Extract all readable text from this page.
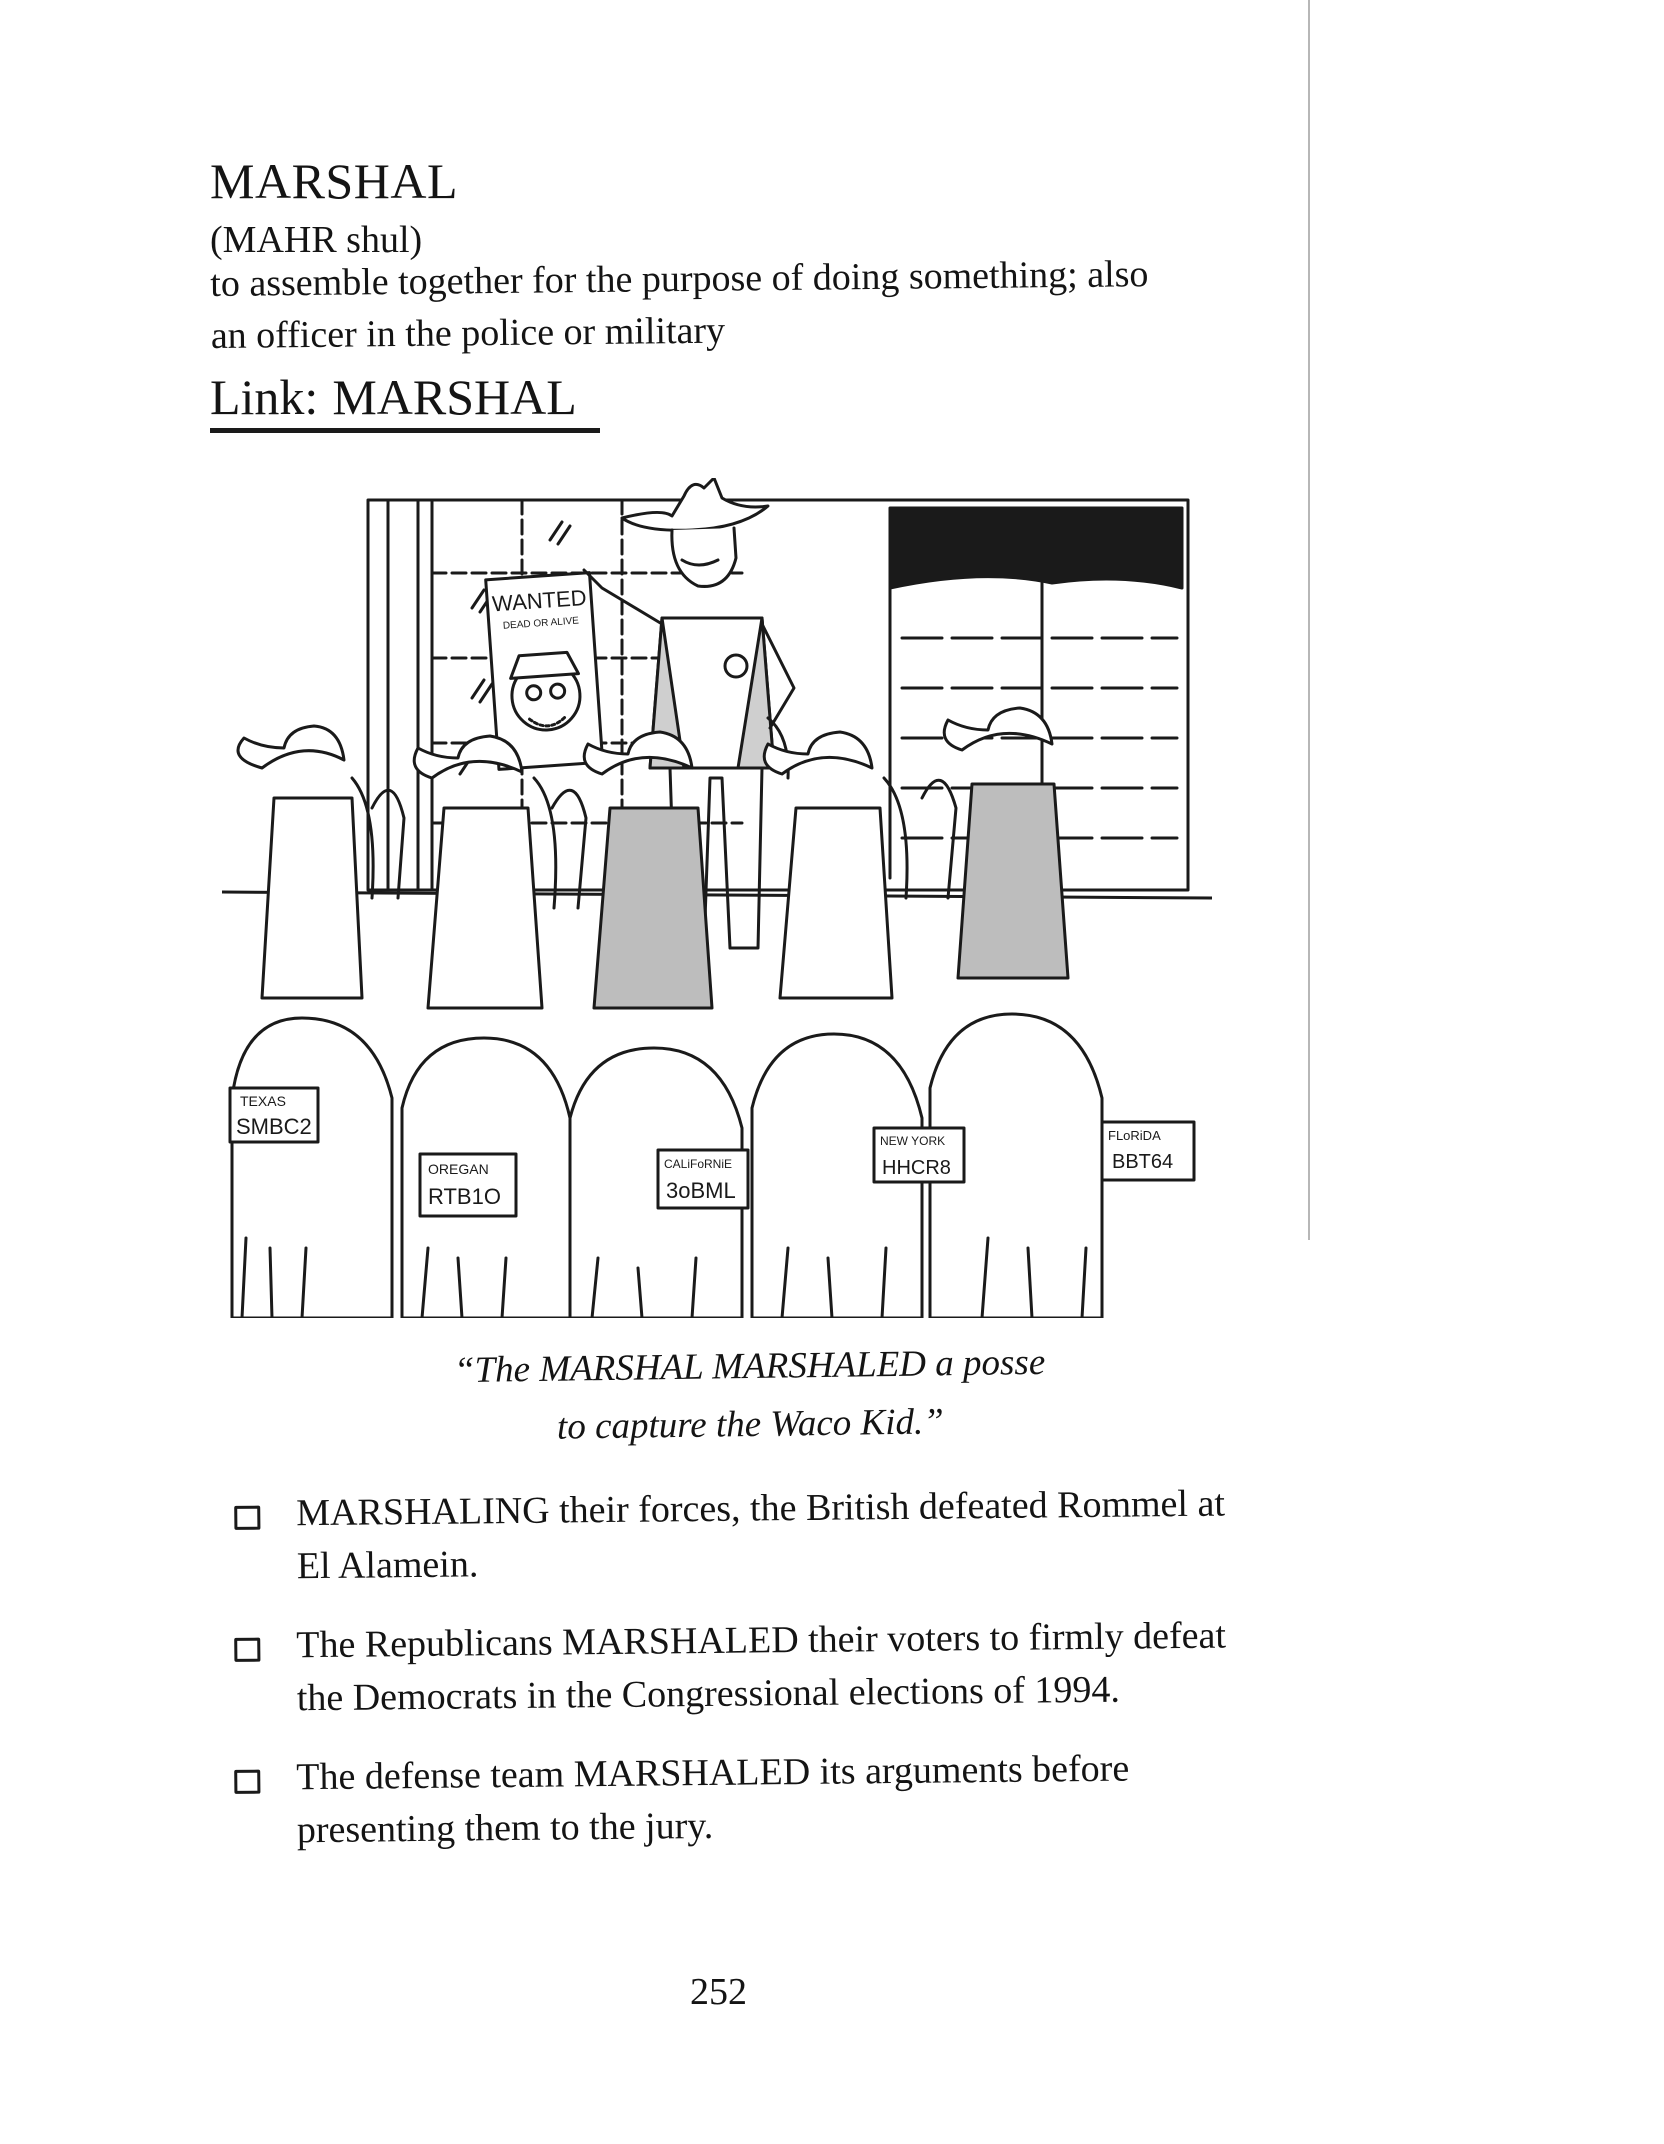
MARSHAL
(MAHR shul)
to assemble together for the purpose of doing something; also an officer in the police or military
Link: MARSHAL
WANTED
DEAD OR ALIVE
TEXAS
SMBC2
OREGAN
RTB1O
CALiFoRNiE
3oBML
NEW YORK
HHCR8
FLoRiDA
BBT64
“The MARSHAL MARSHALED a posse
to capture the Waco Kid.”
MARSHALING their forces, the British defeated Rommel at El Alamein.
The Republicans MARSHALED their voters to firmly defeat the Democrats in the Congressional elections of 1994.
The defense team MARSHALED its arguments before presenting them to the jury.
252
